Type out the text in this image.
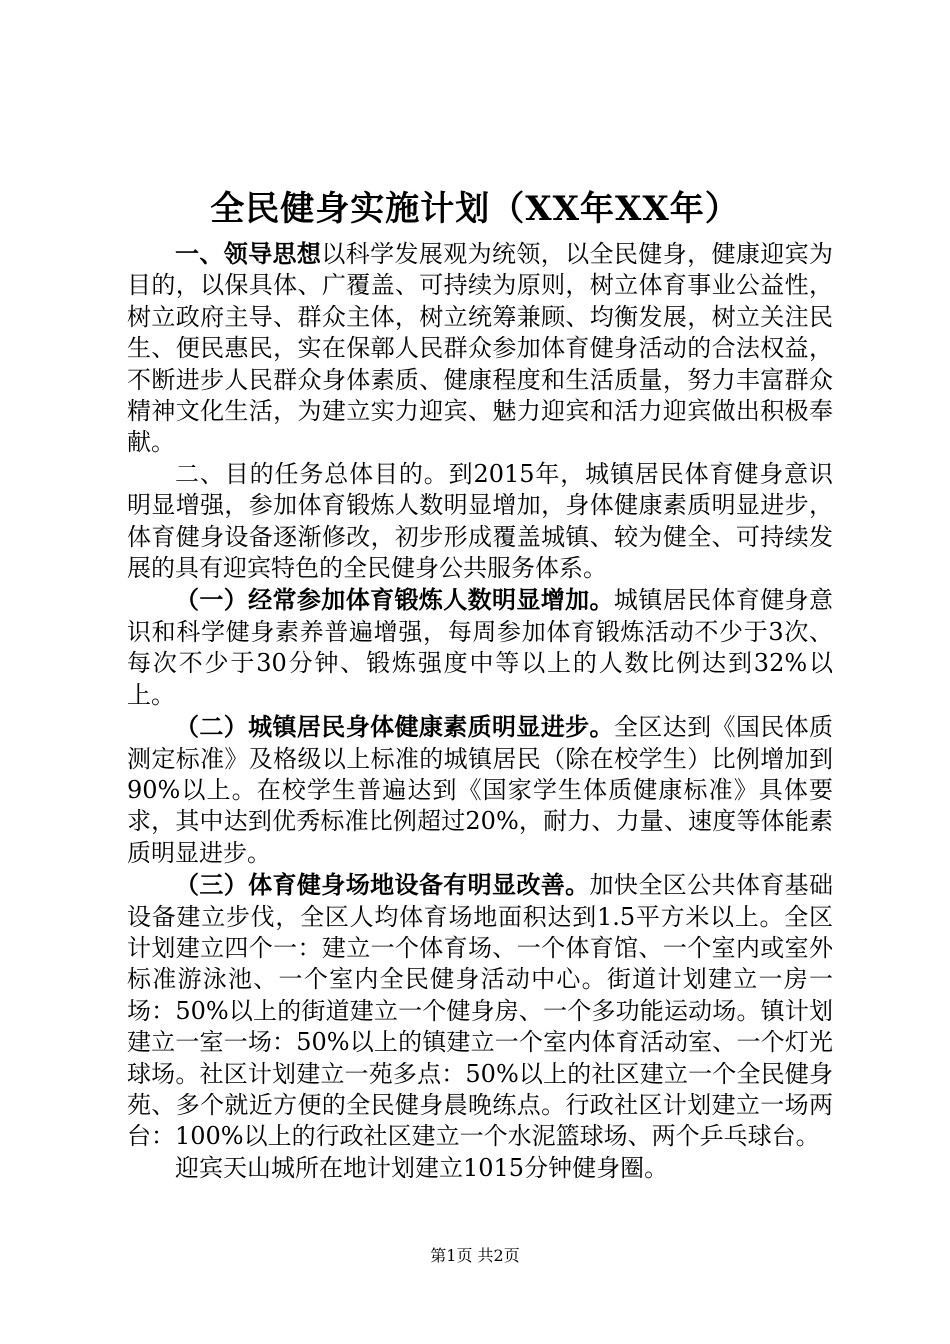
全民健身实施计划（XX年XX年）

一、领导思想以科学发展观为统领，以全民健身，健康迎宾为目的，以保具体、广覆盖、可持续为原则，树立体育事业公益性，树立政府主导、群众主体，树立统筹兼顾、均衡发展，树立关注民生、便民惠民，实在保鄣人民群众参加体育健身活动的合法权益，不断进步人民群众身体素质、健康程度和生活质量，努力丰富群众精神文化生活，为建立实力迎宾、魅力迎宾和活力迎宾做出积极奉献。

二、目的任务总体目的。到2015年，城镇居民体育健身意识明显增强，参加体育锻炼人数明显增加，身体健康素质明显进步，体育健身设备逐渐修改，初步形成覆盖城镇、较为健全、可持续发展的具有迎宾特色的全民健身公共服务体系。

（一）经常参加体育锻炼人数明显增加。城镇居民体育健身意识和科学健身素养普遍增强，每周参加体育锻炼活动不少于3次、每次不少于30分钟、锻炼强度中等以上的人数比例达到32%以上。

（二）城镇居民身体健康素质明显进步。全区达到《国民体质测定标准》及格级以上标准的城镇居民（除在校学生）比例增加到90%以上。在校学生普遍达到《国家学生体质健康标准》具体要求，其中达到优秀标准比例超过20%，耐力、力量、速度等体能素质明显进步。

（三）体育健身场地设备有明显改善。加快全区公共体育基础设备建立步伐，全区人均体育场地面积达到1.5平方米以上。全区计划建立四个一：建立一个体育场、一个体育馆、一个室内或室外标准游泳池、一个室内全民健身活动中心。街道计划建立一房一场：50%以上的街道建立一个健身房、一个多功能运动场。镇计划建立一室一场：50%以上的镇建立一个室内体育活动室、一个灯光球场。社区计划建立一苑多点：50%以上的社区建立一个全民健身苑、多个就近方便的全民健身晨晚练点。行政社区计划建立一场两台：100%以上的行政社区建立一个水泥篮球场、两个乒乓球台。

迎宾天山城所在地计划建立1015分钟健身圈。

第1页 共2页
